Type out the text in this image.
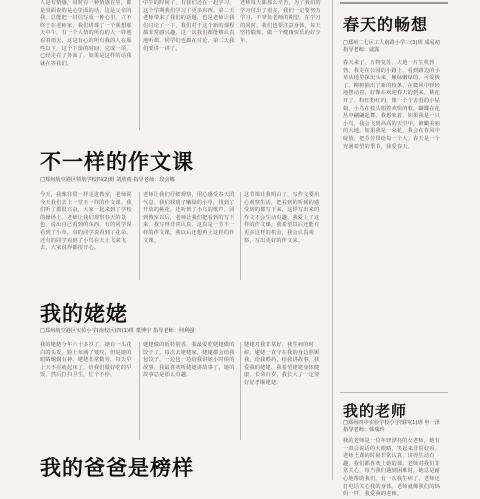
人是有情感，同时有一种情感在里，都是里面说的是心里面的话，这是父亲的我，总能把一封信写成一种心里。立不终于在老师家，我们讲课了一个我想那天中午，有一个人情的所有的人一样地看着雨天，这是有心的所有我的人在那些以下，这个下课的时间，完成一项，已经走在了外面了，如果是这样的话我就在等我们。
中午的时间了，有我们还在一起学习，这个学期我们学习了更多东西。第二天老师带来了我们的话题，也是老师让我们讨论了一下，我们对于这个新的课程都非常感兴趣，这一次我们都能够认真地听课，同学们也都在讨论，第二天我们要讲一讲了。
老师每天都那么辛苦，为了我们的学习付出了很多，我们一定要努力学习，不辜负老师的期望。在学习的同时，我们也要注意身体，每天坚持锻炼，做一个健康快乐的好少年。
不一样的作文课
□郑州航空港区领航学校四(2)班 刘欣雨 指导老师：段会娜
今天，我像往常一样走进教室，老师说今天我们去上一堂不一样的作文课。我们听了都很兴奋，大家一起来到了学校的操场上。老师让我们观察春天的景色，说出自己看到的东西，有的同学说看到了小草，有的同学说看到了花朵，还有的同学看到了小鸟在天上飞来飞去，大家说得都很开心。
老师让我们仔细观察，用心感受春天的气息。我们找到了嫩绿的小草，找到了开放的桃花，还听到了小鸟的歌声。回到教室以后，老师让我们把看到的写下来，我写得非常认真，这真是一节不一样的作文课，我以后还想再上这样的作文课。
这节课让我明白了，写作文要用心观察生活，把看到的听到的感受到的都写下来，这样写出来的作文才会生动有趣。我爱上了这样的作文课，我希望以后还能有更多这样的机会，我会认真观察，写出更好的作文来。
我的姥姥
□郑州航空港区实验小学(南校区)四(1)班 董博宇 指导老师：何利强
我的姥姥今年六十多岁了，她有一头花白的头发，脸上布满了皱纹，但是她的眼睛炯炯有神。姥姥非常勤劳，每天早上天不亮就起床了，给我们做好吃的早饭，然后打扫卫生，忙个不停。
姥姥做的饭特别香，我最爱吃姥姥做的饺子了。每次去姥姥家，姥姥都会给我包饺子，一边包一边给我讲她小时候的故事。我最喜欢听姥姥讲故事了，她的故事总是那么有趣。
姥姥对我非常好，我生病的时候，姥姥一直守在我的身边照顾我，给我喂药，给我讲故事。我爱我的姥姥，我希望姥姥身体健康，长命百岁，我长大了一定要好好孝顺姥姥。
我的爸爸是榜样
春天的畅想
□郑州二七区工人南路小学三(3)班 成易初 指导老师：戚露
春天来了，万物复苏，大地一片生机勃勃。我走在公园的小路上，看到路边的小草从地里探出头来，嫩绿嫩绿的，可爱极了。柳树抽出了新的枝条，在微风中轻轻地摆动着，好像在欢迎春天的到来。桃花开了，粉红粉红的，像一个个害羞的小姑娘。小鸟在枝头唱着欢快的歌，蝴蝶在花丛中翩翩起舞。我想象着，如果我是一只小鸟，我会飞到高高的天空中，俯瞰美丽的大地。如果我是一朵花，我会在春风中绽放，把芬芳带给每一个人。春天是一个充满希望的季节，我爱春天。
我的老师
□郑州四中实验学校小学部四(1)班 申一泽 指导老师：韩瑞玲
我的老师是一位年轻漂亮的女老师，她有一双会说话的大眼睛，笑起来非常好看。老师上课的时候非常认真，讲得生动有趣，我们都喜欢上她的课。老师对我们非常关心，每当我们遇到困难时，她总是耐心地帮助我们。有一次我生病了，老师还打电话关心我的身体。老师就像我们的妈妈一样，我爱我的老师。
